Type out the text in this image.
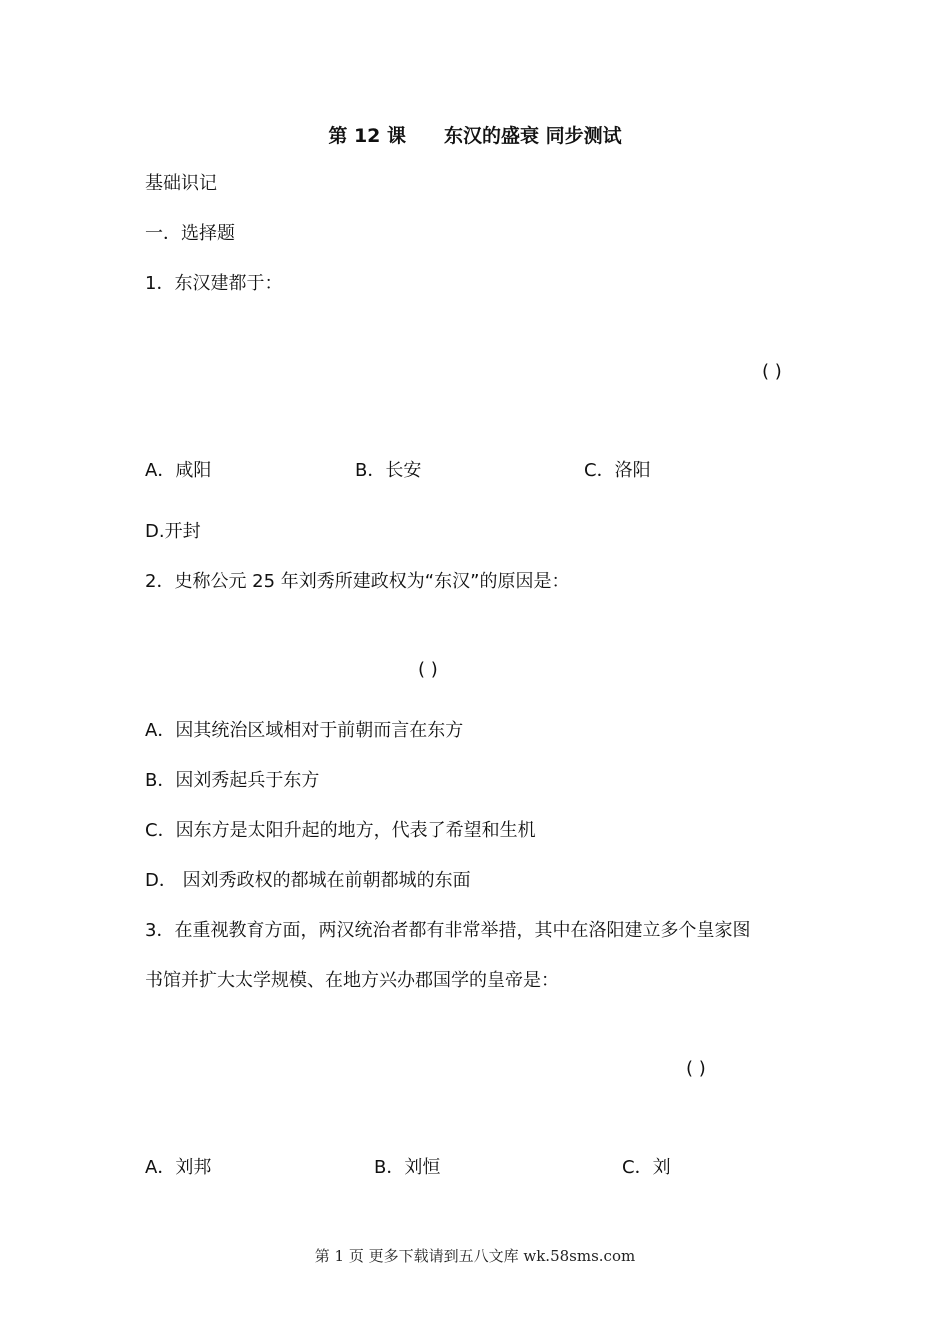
第 12 课 东汉的盛衰 同步测试
基础识记
一．选择题
1．东汉建都于：
( )
A．咸阳	B．长安	C．洛阳
D.开封
2．史称公元 25 年刘秀所建政权为“东汉”的原因是：
( )
A．因其统治区域相对于前朝而言在东方
B．因刘秀起兵于东方
C．因东方是太阳升起的地方，代表了希望和生机
D． 因刘秀政权的都城在前朝都城的东面
3．在重视教育方面，两汉统治者都有非常举措，其中在洛阳建立多个皇家图
书馆并扩大太学规模、在地方兴办郡国学的皇帝是：
( )
A．刘邦	B．刘恒	C．刘
第 1 页 更多下载请到五八文库 wk.58sms.com
